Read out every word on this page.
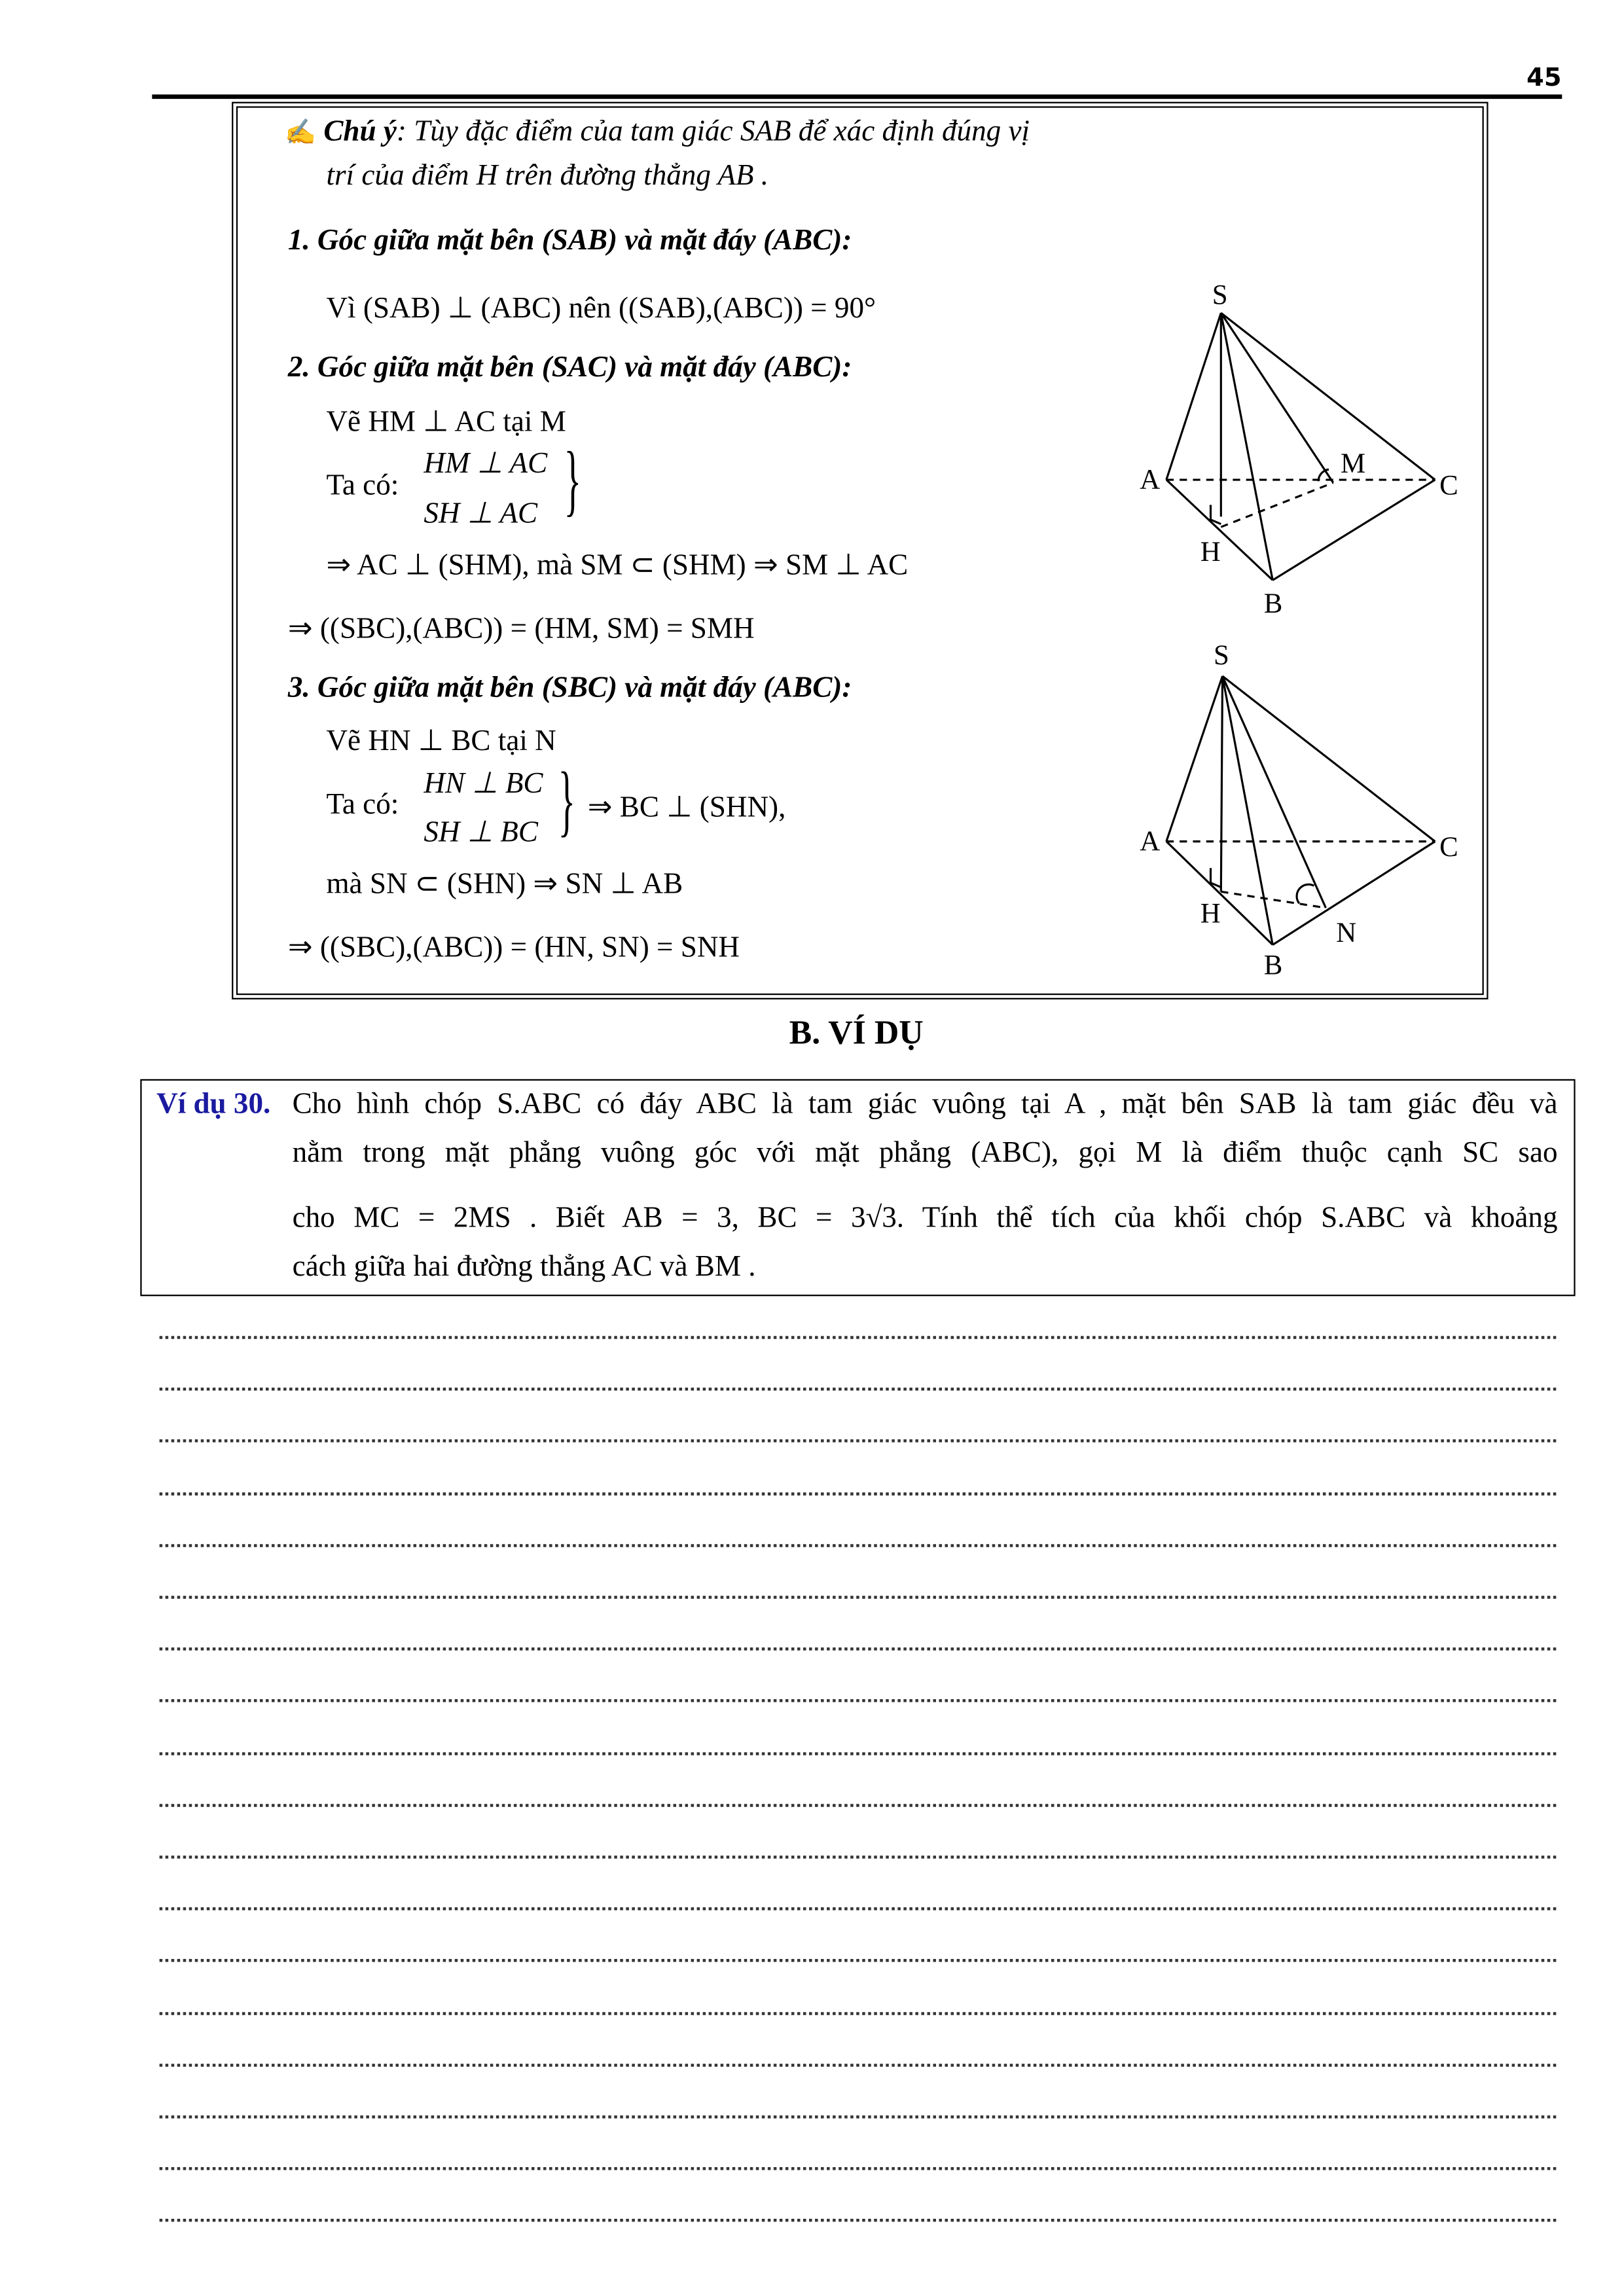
45
✍ Chú ý: Tùy đặc điểm của tam giác SAB để xác định đúng vị
trí của điểm H trên đường thẳng AB .
1. Góc giữa mặt bên (SAB) và mặt đáy (ABC):
Vì (SAB) ⊥ (ABC) nên ((SAB),(ABC)) = 90°
2. Góc giữa mặt bên (SAC) và mặt đáy (ABC):
Vẽ HM ⊥ AC tại M
Ta có:
HM ⊥ AC
SH ⊥ AC }
⇒ AC ⊥ (SHM), mà SM ⊂ (SHM) ⇒ SM ⊥ AC
⇒ ((SBC),(ABC)) = (HM, SM) = SMH
3. Góc giữa mặt bên (SBC) và mặt đáy (ABC):
Vẽ HN ⊥ BC tại N
Ta có:
HN ⊥ BC
SH ⊥ BC } ⇒ BC ⊥ (SHN),
mà SN ⊂ (SHN) ⇒ SN ⊥ AB
⇒ ((SBC),(ABC)) = (HN, SN) = SNH
S
A	C
M
H
B
S
A	C
H
N
B
B. VÍ DỤ
Ví dụ 30. Cho hình chóp S.ABC có đáy ABC là tam giác vuông tại A , mặt bên SAB là tam giác đều và
nằm trong mặt phẳng vuông góc với mặt phẳng (ABC), gọi M là điểm thuộc cạnh SC sao
cho MC = 2MS . Biết AB = 3, BC = 3√3. Tính thể tích của khối chóp S.ABC và khoảng
cách giữa hai đường thẳng AC và BM .
